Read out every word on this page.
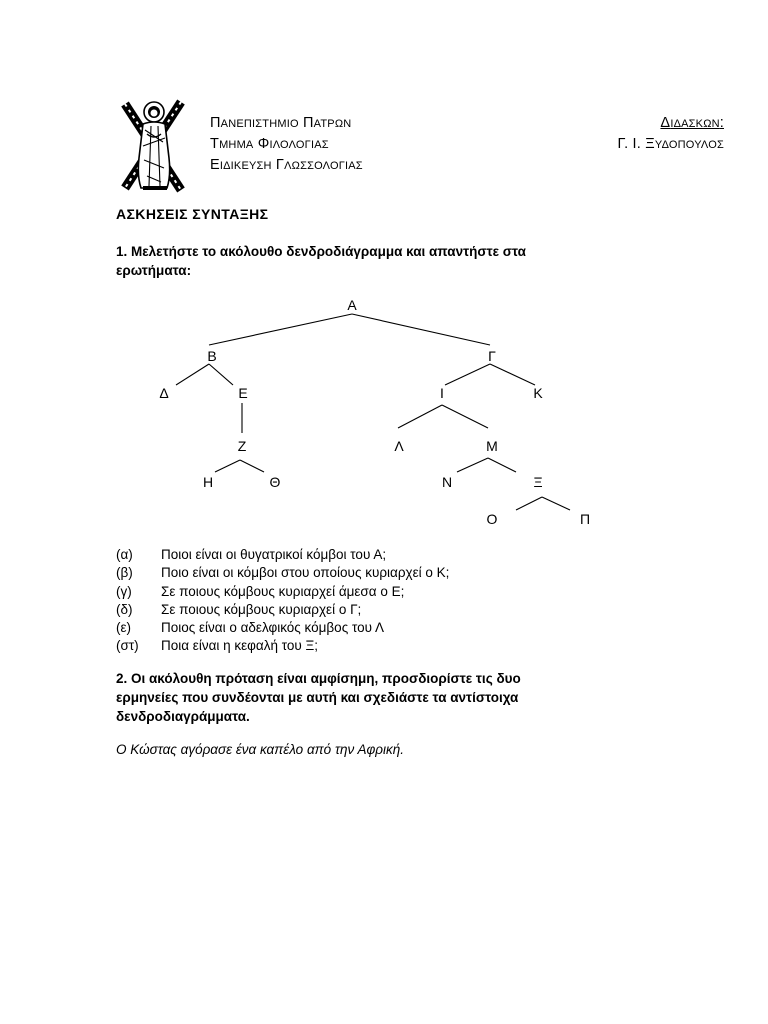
ΠΑΝΕΠΙΣΤΗΜΙΟ ΠΑΤΡΩΝ
ΤΜΗΜΑ ΦΙΛΟΛΟΓΙΑΣ
ΕΙΔΙΚΕΥΣΗ ΓΛΩΣΣΟΛΟΓΙΑΣ
ΔΙΔΑΣΚΩΝ:
Γ. Ι. ΞΥΔΟΠΟΥΛΟΣ
ΑΣΚΗΣΕΙΣ ΣΥΝΤΑΞΗΣ
1. Μελετήστε το ακόλουθο δενδροδιάγραμμα και απαντήστε στα
ερωτήματα:
Α
Β	Γ
Δ	Ε	Ι	Κ
Ζ	Λ	Μ
Η	Θ	Ν	Ξ
Ο	Π
(α) Ποιοι είναι οι θυγατρικοί κόμβοι του Α;
(β) Ποιο είναι οι κόμβοι στου οποίους κυριαρχεί ο Κ;
(γ) Σε ποιους κόμβους κυριαρχεί άμεσα ο Ε;
(δ) Σε ποιους κόμβους κυριαρχεί ο Γ;
(ε) Ποιος είναι ο αδελφικός κόμβος του Λ
(στ) Ποια είναι η κεφαλή του Ξ;
2. Οι ακόλουθη πρόταση είναι αμφίσημη, προσδιορίστε τις δυο
ερμηνείες που συνδέονται με αυτή και σχεδιάστε τα αντίστοιχα
δενδροδιαγράμματα.
Ο Κώστας αγόρασε ένα καπέλο από την Αφρική.
